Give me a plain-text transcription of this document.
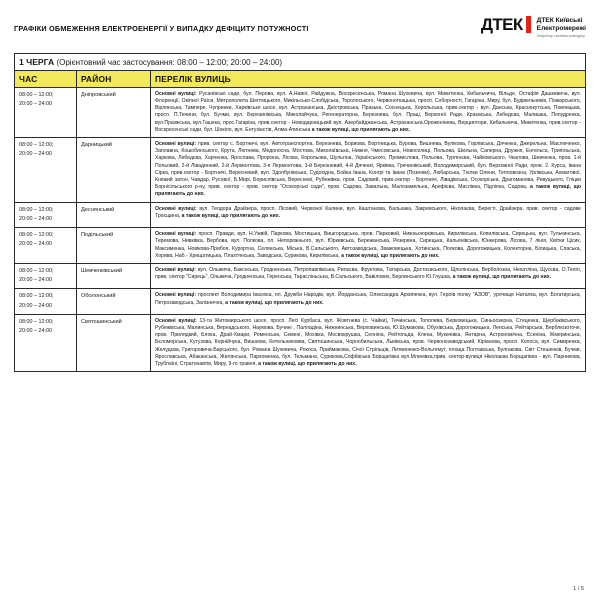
ГРАФІКИ ОБМЕЖЕННЯ ЕЛЕКТРОЕНЕРГІЇ У ВИПАДКУ ДЕФІЦИТУ ПОТУЖНОСТІ	ДТЕК ДТЕК Київські
Електромережі
Оператор системи розподілу
1 ЧЕРГА (Орієнтовний час застосування: 08:00 – 12:00; 20:00 – 24:00)		
ЧАС	РАЙОН	ПЕРЕЛІК ВУЛИЦЬ
08:00 – 12:00;
20:00 – 24:00	Дніпровський	Основні вулиці: Русанівські сади, бул. Перова, вул. А.Навої, Райдужна, Воскресенська, Романа Шухевича, вул. Микитенка, Кибальчича, Вільде, Остафія Дашкевича, вул. Флоренції, Окіпної Раїси, Митрополита Шептицького, Микільсько-Слобідська, Торолоського, Червоноткацька, просп. Соборності, Гагаріна, Миру, бул. Будівельників, Пожарського, Вірлянська, Тампере, Чупринки, Харківське шосе, вул. Астраханська, Дністровська, Празька, Соснецька, Хорольська, прив.сектор - вул. Данська, Краснокутська, Повянцьва, просп. П.Тичини, бул. Бучми, вул. Березинівська, Миколайчука, Регенераторна, Березнева, бул. Праці, Верхоної Ради, Краєвська, Лебедєва, Малишка, Попудренка, вул.Празжська, вул.Гашека, прос.Гагаріна, прив.сектор - Новодарницький вул. Азербайджанська, Астраханська.Ороженінева, Верцинтори, Кибальчича, Микитенка, прив.сектор - Воскресенські сади, бул. Шокіло, вул. Ентузіастів, Алма-Атинська а також вулиці, що прилягають до них.
08:00 – 12:00;
20:00 – 24:00	Дарницький	Основні вулиці: прив. сектор с. Бортничі, вул. Автотранспортна, Березнева, Бориова, Бортницька, Бурова, Вишнева, Вулікова, Горлівська, Дяченка, Джерельна, Маслюченко, Заплавна, Кошобинського, Крута, Лютнева, Медоносна, Мостова, Миколаївська, Нижня, Чмесовська, Новоселиці, Польова, Шкільна, Саперна, Дружня, Енгельса, Трипільська, Харкова, Лебедєва, Харченка, Ярослава, Прорізна, Лісова, Корольова, Шульгіна, Українського, Промислова, Польова, Тургенєва, Чайковського, Чкалова, Шевченка, пров. 1-й Польовий, 2-й Лівадинний, 2-й Лермонтова, 3-я Лермонтова, 3-й Березневий, 4-й Дяченкі, Ярківка, Гречинівський, Володимирський, бул. Верховної Ради, пров. 2. Курса, Івана Сірка, прив.сектор - Бортничі, Вересневий, вул. Здолбунівська, Судохідна, Бойка Івана, Конгрі та Івана (Позняки), Любарська, Тнілки Олени, Тепловозна, Урлівська, Ахматової, Княжий затон, Чавдар, Русової, Б.Мирі, Борислівська, Вересневі, Рубежівка, пров. Садовий, прив.сектор - Бортничі, Лівадівська, Осокорська, Драгоманова, Ревуцького, Гліцки Борнісільського р-ну, прив. сектор - прив. сектор "Осокорські сади", пров. Садова, Завальна, Малозамельна, Арефієва, Маслівка, Підліпка, Садова, а також вулиці, що прилягають до них.
08:00 – 12:00;
20:00 – 24:00	Деснянський	Основні вулиці: вул. Теодора Драйзера, просп. Лісовий, Червоної Калини, вул. Каштанова, Бальзака, Закревського, Ніколаєва, Берегті, Драйзера, прив. сектор - садове Троєщина, а також вулиці, що прилягають до них.
08:00 – 12:00;
20:00 – 24:00	Подільський	Основні вулиці: просп. Правди, вул. Н.Ужвій, Паркова, Мостицька, Вишгородська, пров. Парковий, Нижньоюрківська, Кирилівська, Копилівська, Сирецька, вул. Тульчинська, Теремова, Нивківка, Вербова, вул. Полкова, пл. Непорожнього, вул. Юркивська, Бережанська, Резервна, Сирецька, Кальянівська, Юнкерова, Лісова, 7 лінія, Квітки Цісик, Максименка, Новікова-Прибоя, Курортна, Селянська, Міська, В.Сальського, Автозаводська, Зважовецька, Хотинська, Полкова, Дорогожицька, Колекторна, Білицька, Спаська, Хорива, Наб.- Хрещатицька, Плахтянська, Заводська, Сурикова, Кирилівська, а також вулиці, що прилягають до них.
08:00 – 12:00;
20:00 – 24:00	Шевченківський	Основні вулиці: вул. Ольжича, Бакснська, Гродненська, Петропавлівська, Рилєєва, Фруктова, Татарська, Достоєвського, Щполінська, Верболозна, Нехатліна, Щусєва, О.Телігі, прив. сектор "Сирець", Ольжича, Гродненська, Геренська, Тарасліньська, В.Сальського, Вавілових, Берлинського Ю.Глушка, а також вулиці, що прилягають до них.
08:00 – 12:00;
20:00 – 24:00	Оболонський	Основні вулиці: проспект Володимира Івасюка, пл. Дружби Народів, вул. Йорданська, Олександра Архипенка, вул. Героїв полку "АЗОВ", урочище Наталка, вул. Богатирська, Петрозаводська, Залізнична, а також вулиці, що прилягають до них.
08:00 – 12:00;
20:00 – 24:00	Святошинський	Основні вулиці: 13-та Житомирського шосе, просп. Лесі Курбаса, вул. Жовтнева (с. Чайки), Тичинська, Тополева, Берковецька, Синьоозерна, Стеценка, Щербаківського, Рубежівська, Малинська, Вернадського, Наумова, Бучині , Палладіна, Нижнинська, Верховинська, Ю.Шумакова, Обухівська, Дорогожицька, Ленська, Рейтарська, Верблюзоточе, пров. Прилядкий, Блока, Драй-Хмари, Роменська, Семені, Мохівка, Мосвокрушка, Сеоніна, Рейтопьда, Клена, Мукачівка, Янтарна, Астрономічна, Єсеніна, Жмеринська, Бєломорська, Кутузова, Корнійчука, Вишнева, Котельниковва, Святошинська, Чорнобильська, Львівська, пров. Червонозаводський, Кіріанова, просп. Колоса, вул. Симиренка, Желудєва, Григоровича-Барського, бул. Романа Шухевича, Рокоса, Приймакова, Січої Стрільців, Литвиненко-Вольгемут, площа Полтавська, Булгакова, Світ Стешенків, Бучми, Ярославська, Абаканська, Жилянська, Пархоменка, бул. Тельмана, Сурикова,Софіївська Борщагівка вул.Млинівка,прив. сектор-вулиця Ніколаєва Борщагівка - вул. Парникова, Трублаїні, Стратонавтів, Миру, 9-го травня, а також вулиці, що прилягають до них.
1 / 5
